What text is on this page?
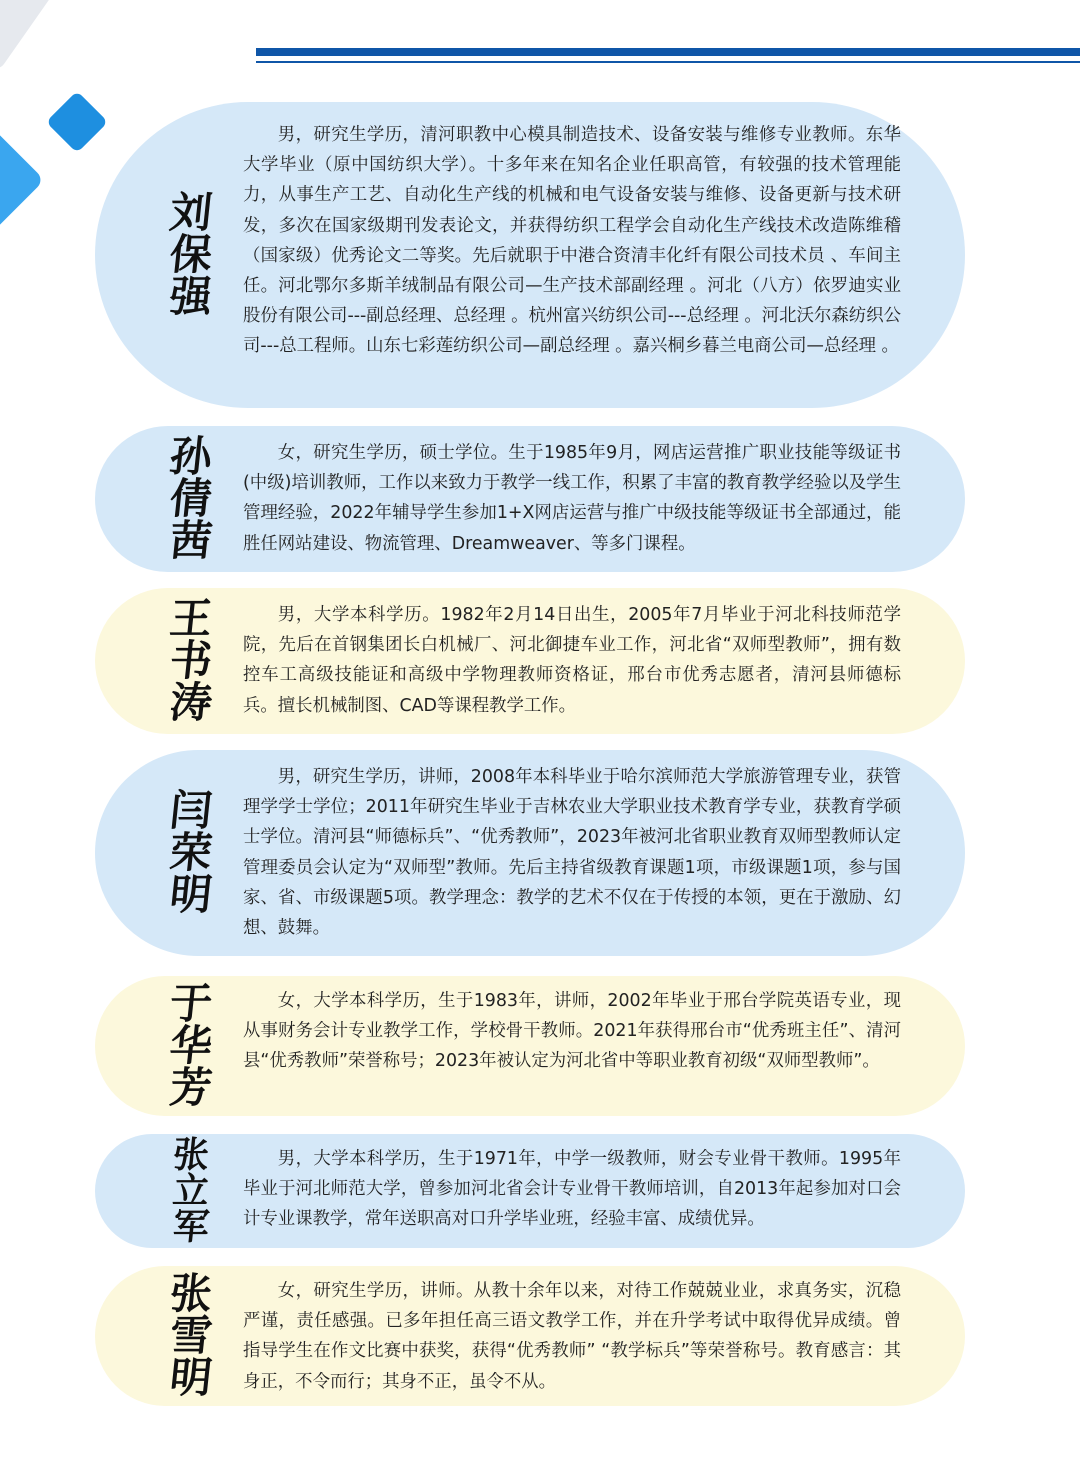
刘
保
强

男，研究生学历，清河职教中心模具制造技术、设备安装与维修专业教师。东华大学毕业（原中国纺织大学）。十多年来在知名企业任职高管，有较强的技术管理能力，从事生产工艺、自动化生产线的机械和电气设备安装与维修、设备更新与技术研发，多次在国家级期刊发表论文，并获得纺织工程学会自动化生产线技术改造陈维稽（国家级）优秀论文二等奖。先后就职于中港合资清丰化纤有限公司技术员 、车间主任。河北鄂尔多斯羊绒制品有限公司—生产技术部副经理 。河北（八方）依罗迪实业股份有限公司---副总经理、总经理 。杭州富兴纺织公司---总经理 。河北沃尔森纺织公司---总工程师。山东七彩莲纺织公司—副总经理 。嘉兴桐乡暮兰电商公司—总经理 。

孙
倩
茜

女，研究生学历，硕士学位。生于1985年9月，网店运营推广职业技能等级证书(中级)培训教师，工作以来致力于教学一线工作，积累了丰富的教育教学经验以及学生管理经验，2022年辅导学生参加1+X网店运营与推广中级技能等级证书全部通过，能胜任网站建设、物流管理、Dreamweaver、等多门课程。

王
书
涛

男，大学本科学历。1982年2月14日出生，2005年7月毕业于河北科技师范学院，先后在首钢集团长白机械厂、河北御捷车业工作，河北省“双师型教师”，拥有数控车工高级技能证和高级中学物理教师资格证，邢台市优秀志愿者，清河县师德标兵。擅长机械制图、CAD等课程教学工作。

闫
荣
明

男，研究生学历，讲师，2008年本科毕业于哈尔滨师范大学旅游管理专业，获管理学学士学位；2011年研究生毕业于吉林农业大学职业技术教育学专业，获教育学硕士学位。清河县“师德标兵”、“优秀教师”，2023年被河北省职业教育双师型教师认定管理委员会认定为“双师型”教师。先后主持省级教育课题1项，市级课题1项，参与国家、省、市级课题5项。教学理念：教学的艺术不仅在于传授的本领，更在于激励、幻想、鼓舞。

于
华
芳

女，大学本科学历，生于1983年，讲师，2002年毕业于邢台学院英语专业，现从事财务会计专业教学工作，学校骨干教师。2021年获得邢台市“优秀班主任”、清河县“优秀教师”荣誉称号；2023年被认定为河北省中等职业教育初级“双师型教师”。

张
立
军

男，大学本科学历，生于1971年，中学一级教师，财会专业骨干教师。1995年毕业于河北师范大学，曾参加河北省会计专业骨干教师培训，自2013年起参加对口会计专业课教学，常年送职高对口升学毕业班，经验丰富、成绩优异。

张
雪
明

女，研究生学历，讲师。从教十余年以来，对待工作兢兢业业，求真务实，沉稳严谨，责任感强。已多年担任高三语文教学工作，并在升学考试中取得优异成绩。曾指导学生在作文比赛中获奖，获得“优秀教师” “教学标兵”等荣誉称号。教育感言：其身正，不令而行；其身不正，虽令不从。
